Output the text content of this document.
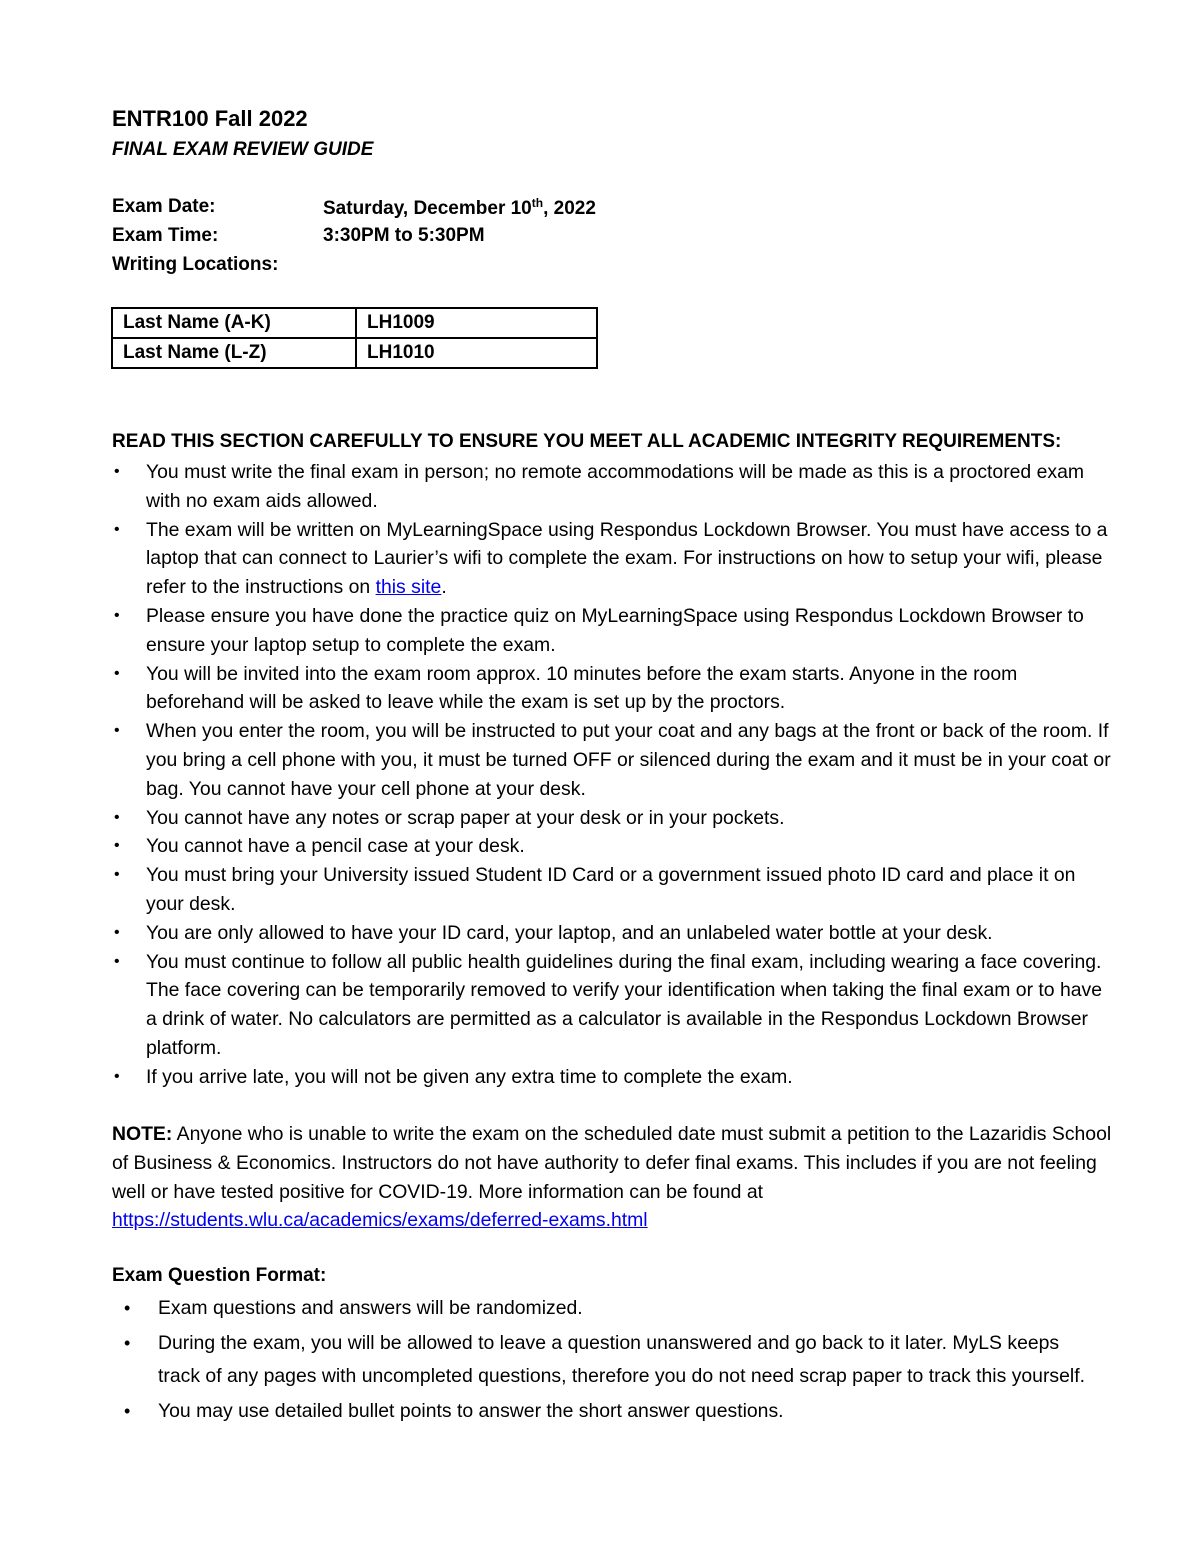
ENTR100 Fall 2022
FINAL EXAM REVIEW GUIDE
Exam Date:	Saturday, December 10th, 2022
Exam Time:	3:30PM to 5:30PM
Writing Locations:
Last Name (A-K)	LH1009
Last Name (L-Z)	LH1010
READ THIS SECTION CAREFULLY TO ENSURE YOU MEET ALL ACADEMIC INTEGRITY REQUIREMENTS:
• You must write the final exam in person; no remote accommodations will be made as this is a proctored exam with no exam aids allowed.
• The exam will be written on MyLearningSpace using Respondus Lockdown Browser. You must have access to a laptop that can connect to Laurier’s wifi to complete the exam. For instructions on how to setup your wifi, please refer to the instructions on this site.
• Please ensure you have done the practice quiz on MyLearningSpace using Respondus Lockdown Browser to ensure your laptop setup to complete the exam.
• You will be invited into the exam room approx. 10 minutes before the exam starts. Anyone in the room beforehand will be asked to leave while the exam is set up by the proctors.
• When you enter the room, you will be instructed to put your coat and any bags at the front or back of the room. If you bring a cell phone with you, it must be turned OFF or silenced during the exam and it must be in your coat or bag. You cannot have your cell phone at your desk.
• You cannot have any notes or scrap paper at your desk or in your pockets.
• You cannot have a pencil case at your desk.
• You must bring your University issued Student ID Card or a government issued photo ID card and place it on your desk.
• You are only allowed to have your ID card, your laptop, and an unlabeled water bottle at your desk.
• You must continue to follow all public health guidelines during the final exam, including wearing a face covering. The face covering can be temporarily removed to verify your identification when taking the final exam or to have a drink of water. No calculators are permitted as a calculator is available in the Respondus Lockdown Browser platform.
• If you arrive late, you will not be given any extra time to complete the exam.
NOTE: Anyone who is unable to write the exam on the scheduled date must submit a petition to the Lazaridis School of Business & Economics. Instructors do not have authority to defer final exams. This includes if you are not feeling well or have tested positive for COVID-19. More information can be found at https://students.wlu.ca/academics/exams/deferred-exams.html
Exam Question Format:
• Exam questions and answers will be randomized.
• During the exam, you will be allowed to leave a question unanswered and go back to it later. MyLS keeps track of any pages with uncompleted questions, therefore you do not need scrap paper to track this yourself.
• You may use detailed bullet points to answer the short answer questions.
